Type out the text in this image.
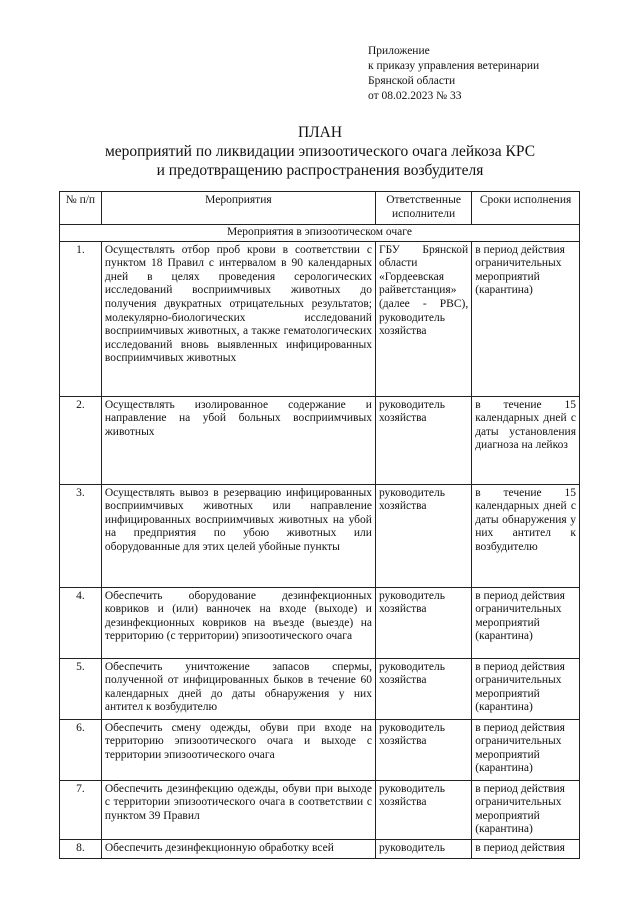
Приложение
к приказу управления ветеринарии
Брянской области
от 08.02.2023 № 33
ПЛАН
мероприятий по ликвидации эпизоотического очага лейкоза КРС
и предотвращению распространения возбудителя
№ п/п	Мероприятия	Ответственные исполнители	Сроки исполнения
Мероприятия в эпизоотическом очаге			
1.	Осуществлять отбор проб крови в соответствии с пунктом 18 Правил с интервалом в 90 календарных дней в целях проведения серологических исследований восприимчивых животных до получения двукратных отрицательных результатов; молекулярно-биологических исследований восприимчивых животных, а также гематологических исследований вновь выявленных инфицированных восприимчивых животных	ГБУ Брянской области «Гордеевская райветстанция» (далее - РВС), руководитель хозяйства	в период действия ограничительных мероприятий (карантина)
2.	Осуществлять изолированное содержание и направление на убой больных восприимчивых животных	руководитель хозяйства	в течение 15 календарных дней с даты установления диагноза на лейкоз
3.	Осуществлять вывоз в резервацию инфицированных восприимчивых животных или направление инфицированных восприимчивых животных на убой на предприятия по убою животных или оборудованные для этих целей убойные пункты	руководитель хозяйства	в течение 15 календарных дней с даты обнаружения у них антител к возбудителю
4.	Обеспечить оборудование дезинфекционных ковриков и (или) ванночек на входе (выходе) и дезинфекционных ковриков на въезде (выезде) на территорию (с территории) эпизоотического очага	руководитель хозяйства	в период действия ограничительных мероприятий (карантина)
5.	Обеспечить уничтожение запасов спермы, полученной от инфицированных быков в течение 60 календарных дней до даты обнаружения у них антител к возбудителю	руководитель хозяйства	в период действия ограничительных мероприятий (карантина)
6.	Обеспечить смену одежды, обуви при входе на территорию эпизоотического очага и выходе с территории эпизоотического очага	руководитель хозяйства	в период действия ограничительных мероприятий (карантина)
7.	Обеспечить дезинфекцию одежды, обуви при выходе с территории эпизоотического очага в соответствии с пунктом 39 Правил	руководитель хозяйства	в период действия ограничительных мероприятий (карантина)
8.	Обеспечить дезинфекционную обработку всей	руководитель	в период действия
